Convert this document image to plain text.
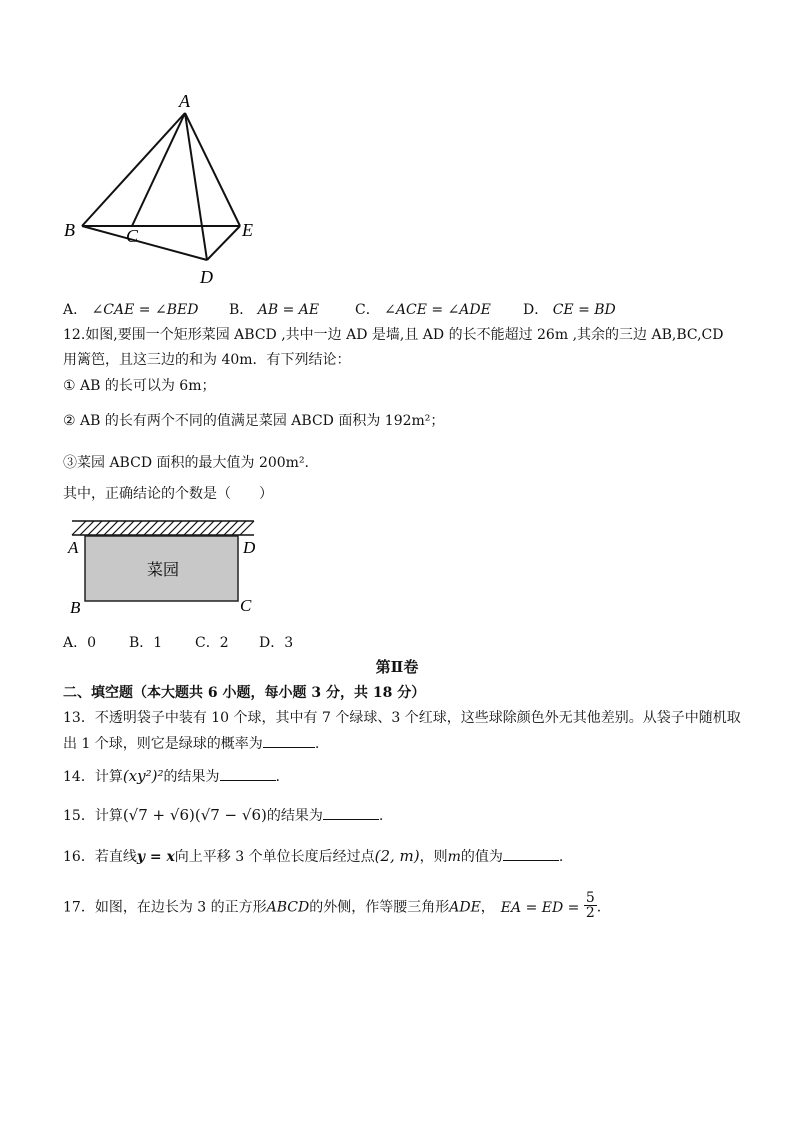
A
B	C
D
E
A． ∠CAE = ∠BED B． AB = AE	C． ∠ACE = ∠ADE D． CE = BD
12.如图,要围一个矩形菜园 ABCD ,共中一边 AD 是墙,且 AD 的长不能超过 26m ,其余的三边 AB,BC,CD
用篱笆，且这三边的和为 40m．有下列结论：
① AB 的长可以为 6m；
② AB 的长有两个不同的值满足菜园 ABCD 面积为 192m²；
③菜园 ABCD 面积的最大值为 200m².
其中，正确结论的个数是（　　）
菜园
A	D
B	C
A．0 B．1 C．2 D．3
第Ⅱ卷
二、填空题（本大题共 6 小题，每小题 3 分，共 18 分）
13．不透明袋子中装有 10 个球，其中有 7 个绿球、3 个红球，这些球除颜色外无其他差别。从袋子中随机取
出 1 个球，则它是绿球的概率为	.
14．计算(xy²)²的结果为	.
15．计算(√7 + √6)(√7 − √6)的结果为	.
16．若直线y = x向上平移 3 个单位长度后经过点(2, m)，则m的值为	.
17．如图，在边长为 3 的正方形ABCD的外侧，作等腰三角形ADE， EA = ED = $\frac{5}{2}$ .
